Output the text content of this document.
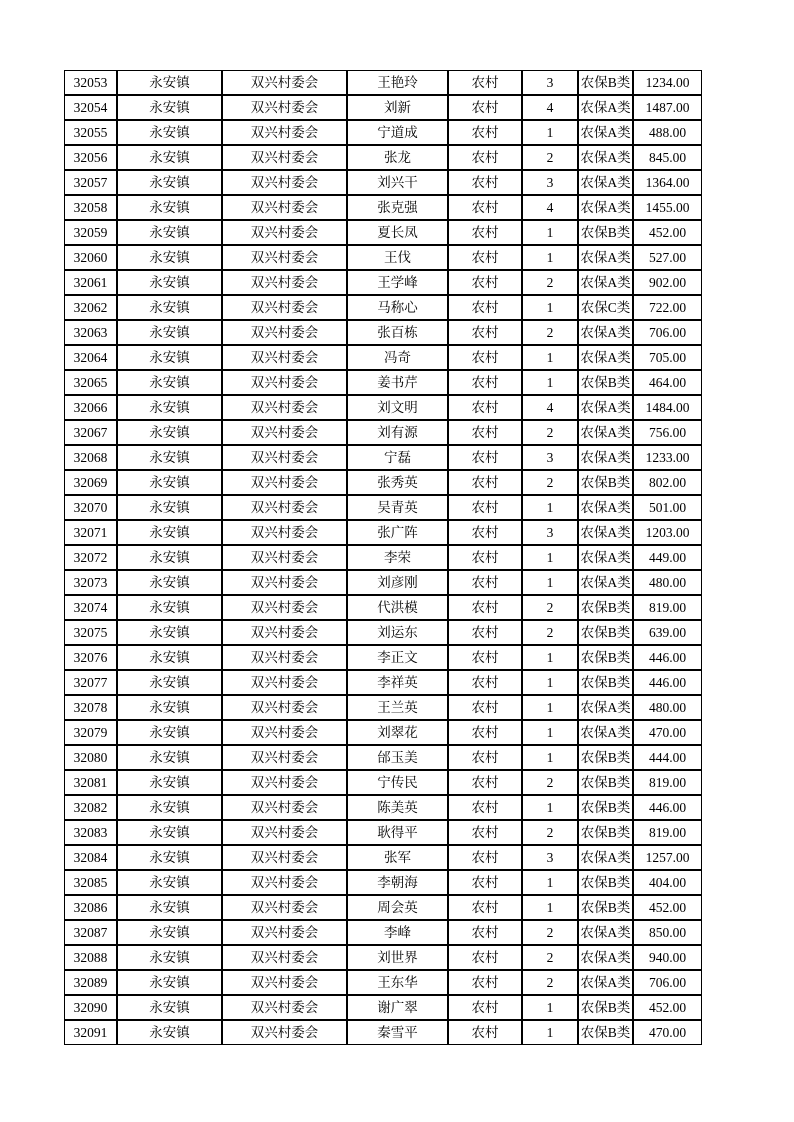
32053	永安镇	双兴村委会	王艳玲	农村	3	农保B类	1234.00
32054	永安镇	双兴村委会	刘新	农村	4	农保A类	1487.00
32055	永安镇	双兴村委会	宁道成	农村	1	农保A类	488.00
32056	永安镇	双兴村委会	张龙	农村	2	农保A类	845.00
32057	永安镇	双兴村委会	刘兴干	农村	3	农保A类	1364.00
32058	永安镇	双兴村委会	张克强	农村	4	农保A类	1455.00
32059	永安镇	双兴村委会	夏长凤	农村	1	农保B类	452.00
32060	永安镇	双兴村委会	王伐	农村	1	农保A类	527.00
32061	永安镇	双兴村委会	王学峰	农村	2	农保A类	902.00
32062	永安镇	双兴村委会	马称心	农村	1	农保C类	722.00
32063	永安镇	双兴村委会	张百栋	农村	2	农保A类	706.00
32064	永安镇	双兴村委会	冯奇	农村	1	农保A类	705.00
32065	永安镇	双兴村委会	姜书芹	农村	1	农保B类	464.00
32066	永安镇	双兴村委会	刘文明	农村	4	农保A类	1484.00
32067	永安镇	双兴村委会	刘有源	农村	2	农保A类	756.00
32068	永安镇	双兴村委会	宁磊	农村	3	农保A类	1233.00
32069	永安镇	双兴村委会	张秀英	农村	2	农保B类	802.00
32070	永安镇	双兴村委会	吴青英	农村	1	农保A类	501.00
32071	永安镇	双兴村委会	张广阵	农村	3	农保A类	1203.00
32072	永安镇	双兴村委会	李荣	农村	1	农保A类	449.00
32073	永安镇	双兴村委会	刘彦刚	农村	1	农保A类	480.00
32074	永安镇	双兴村委会	代洪模	农村	2	农保B类	819.00
32075	永安镇	双兴村委会	刘运东	农村	2	农保B类	639.00
32076	永安镇	双兴村委会	李正文	农村	1	农保B类	446.00
32077	永安镇	双兴村委会	李祥英	农村	1	农保B类	446.00
32078	永安镇	双兴村委会	王兰英	农村	1	农保A类	480.00
32079	永安镇	双兴村委会	刘翠花	农村	1	农保A类	470.00
32080	永安镇	双兴村委会	邰玉美	农村	1	农保B类	444.00
32081	永安镇	双兴村委会	宁传民	农村	2	农保B类	819.00
32082	永安镇	双兴村委会	陈美英	农村	1	农保B类	446.00
32083	永安镇	双兴村委会	耿得平	农村	2	农保B类	819.00
32084	永安镇	双兴村委会	张军	农村	3	农保A类	1257.00
32085	永安镇	双兴村委会	李朝海	农村	1	农保B类	404.00
32086	永安镇	双兴村委会	周会英	农村	1	农保B类	452.00
32087	永安镇	双兴村委会	李峰	农村	2	农保A类	850.00
32088	永安镇	双兴村委会	刘世界	农村	2	农保A类	940.00
32089	永安镇	双兴村委会	王东华	农村	2	农保A类	706.00
32090	永安镇	双兴村委会	谢广翠	农村	1	农保B类	452.00
32091	永安镇	双兴村委会	秦雪平	农村	1	农保B类	470.00
